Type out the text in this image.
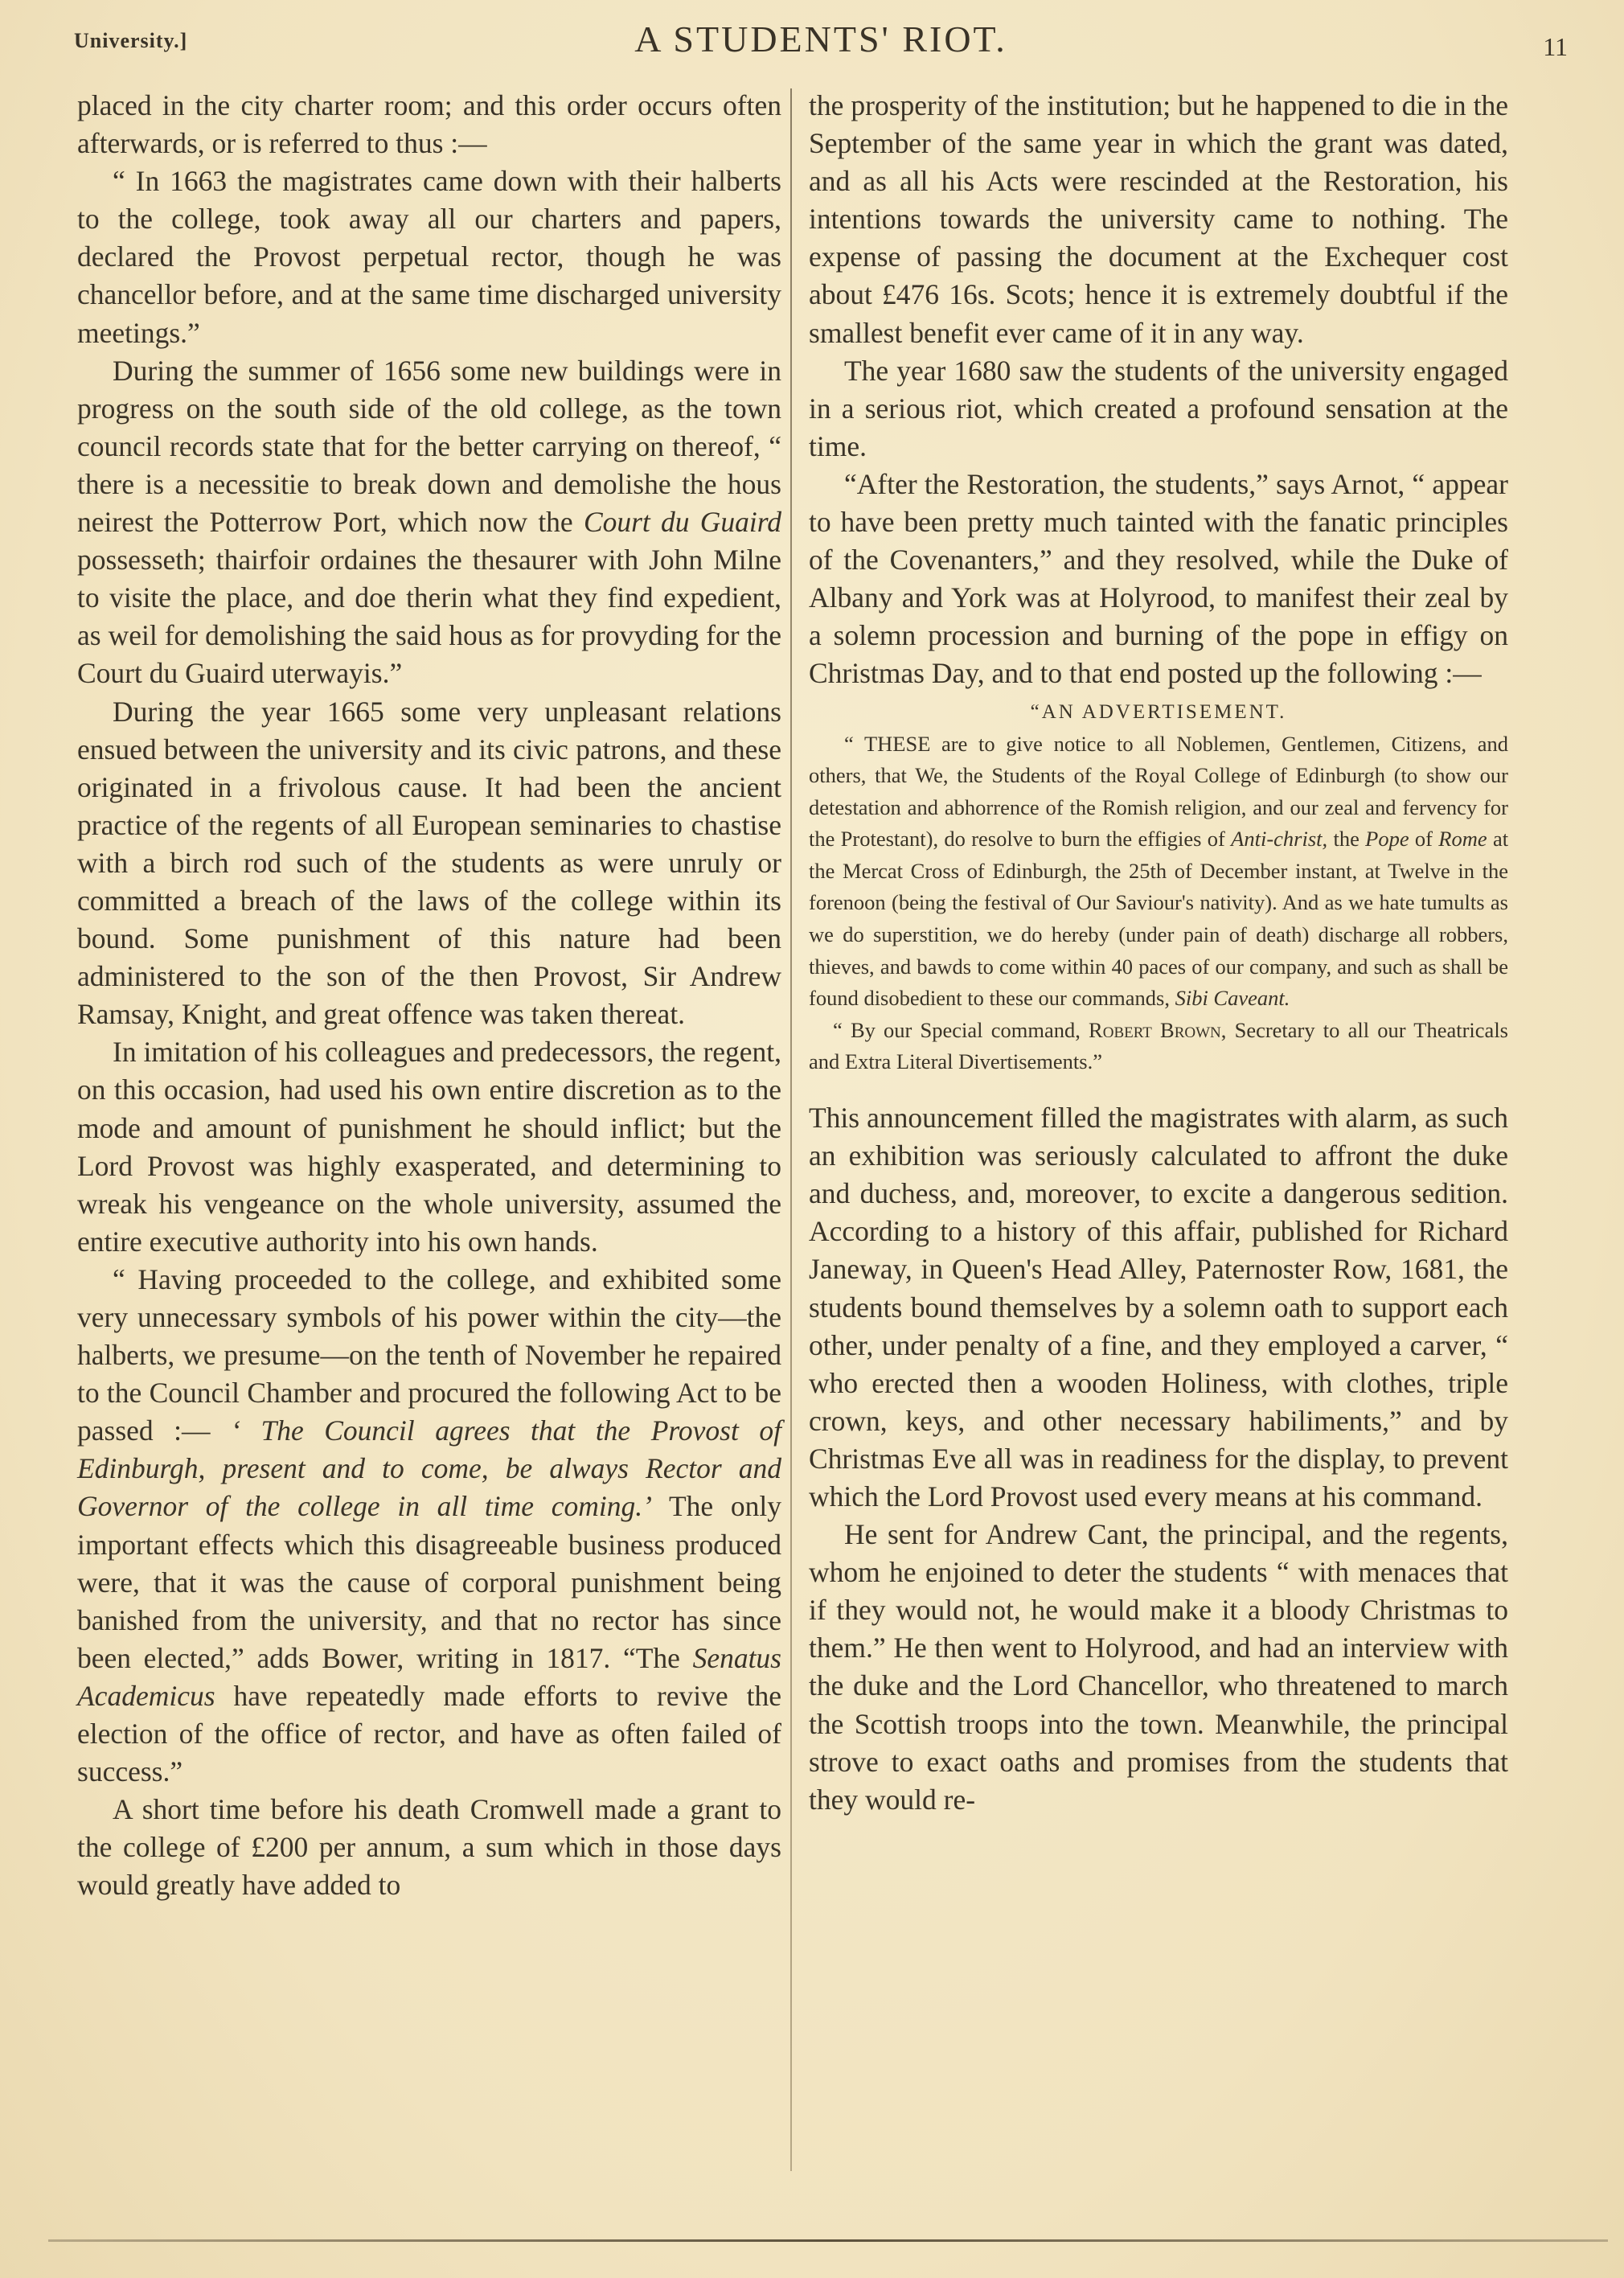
University.]	A STUDENTS' RIOT.	11

placed in the city charter room; and this order occurs often afterwards, or is referred to thus :—

“ In 1663 the magistrates came down with their halberts to the college, took away all our charters and papers, declared the Provost perpetual rector, though he was chancellor before, and at the same time discharged university meetings.”

During the summer of 1656 some new buildings were in progress on the south side of the old college, as the town council records state that for the better carrying on thereof, “ there is a necessitie to break down and demolishe the hous neirest the Potterrow Port, which now the Court du Guaird possesseth; thairfoir ordaines the thesaurer with John Milne to visite the place, and doe therin what they find expedient, as weil for demolishing the said hous as for provyding for the Court du Guaird uterwayis.”

During the year 1665 some very unpleasant relations ensued between the university and its civic patrons, and these originated in a frivolous cause. It had been the ancient practice of the regents of all European seminaries to chastise with a birch rod such of the students as were unruly or committed a breach of the laws of the college within its bound. Some punishment of this nature had been administered to the son of the then Provost, Sir Andrew Ramsay, Knight, and great offence was taken thereat.

In imitation of his colleagues and predecessors, the regent, on this occasion, had used his own entire discretion as to the mode and amount of punishment he should inflict; but the Lord Provost was highly exasperated, and determining to wreak his vengeance on the whole university, assumed the entire executive authority into his own hands.

“ Having proceeded to the college, and exhibited some very unnecessary symbols of his power within the city—the halberts, we presume—on the tenth of November he repaired to the Council Chamber and procured the following Act to be passed :— ‘ The Council agrees that the Provost of Edinburgh, present and to come, be always Rector and Governor of the college in all time coming.’ The only important effects which this disagreeable business produced were, that it was the cause of corporal punishment being banished from the university, and that no rector has since been elected,” adds Bower, writing in 1817. “The Senatus Academicus have repeatedly made efforts to revive the election of the office of rector, and have as often failed of success.”

A short time before his death Cromwell made a grant to the college of £200 per annum, a sum which in those days would greatly have added to

the prosperity of the institution; but he happened to die in the September of the same year in which the grant was dated, and as all his Acts were rescinded at the Restoration, his intentions towards the university came to nothing. The expense of passing the document at the Exchequer cost about £476 16s. Scots; hence it is extremely doubtful if the smallest benefit ever came of it in any way.

The year 1680 saw the students of the university engaged in a serious riot, which created a profound sensation at the time.

“After the Restoration, the students,” says Arnot, “ appear to have been pretty much tainted with the fanatic principles of the Covenanters,” and they resolved, while the Duke of Albany and York was at Holyrood, to manifest their zeal by a solemn procession and burning of the pope in effigy on Christmas Day, and to that end posted up the following :—

“AN ADVERTISEMENT.

“ THESE are to give notice to all Noblemen, Gentlemen, Citizens, and others, that We, the Students of the Royal College of Edinburgh (to show our detestation and abhorrence of the Romish religion, and our zeal and fervency for the Protestant), do resolve to burn the effigies of Anti-christ, the Pope of Rome at the Mercat Cross of Edinburgh, the 25th of December instant, at Twelve in the forenoon (being the festival of Our Saviour's nativity). And as we hate tumults as we do superstition, we do hereby (under pain of death) discharge all robbers, thieves, and bawds to come within 40 paces of our company, and such as shall be found disobedient to these our commands, Sibi Caveant.

“ By our Special command, Robert Brown, Secretary to all our Theatricals and Extra Literal Divertisements.”

This announcement filled the magistrates with alarm, as such an exhibition was seriously calculated to affront the duke and duchess, and, moreover, to excite a dangerous sedition. According to a history of this affair, published for Richard Janeway, in Queen's Head Alley, Paternoster Row, 1681, the students bound themselves by a solemn oath to support each other, under penalty of a fine, and they employed a carver, “ who erected then a wooden Holiness, with clothes, triple crown, keys, and other necessary habiliments,” and by Christmas Eve all was in readiness for the display, to prevent which the Lord Provost used every means at his command.

He sent for Andrew Cant, the principal, and the regents, whom he enjoined to deter the students “ with menaces that if they would not, he would make it a bloody Christmas to them.” He then went to Holyrood, and had an interview with the duke and the Lord Chancellor, who threatened to march the Scottish troops into the town. Meanwhile, the principal strove to exact oaths and promises from the students that they would re-
